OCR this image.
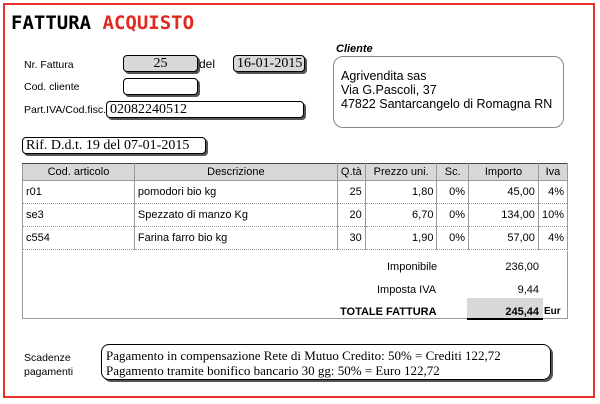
FATTURA ACQUISTO
Nr. Fattura	25	del 16-01-2015
Cod. cliente
Part.IVA/Cod.fisc. 02082240512
Rif. D.d.t. 19 del 07-01-2015
Cliente
Agrivendita sas
Via G.Pascoli, 37
47822 Santarcangelo di Romagna RN
Cod. articolo	Descrizione	Q.tà	Prezzo uni.	Sc.	Importo	Iva
r01	pomodori bio kg	25	1,80	0%	45,00	4%
se3	Spezzato di manzo Kg	20	6,70	0%	134,00	10%
c554	Farina farro bio kg	30	1,90	0%	57,00	4%
Imponibile	236,00
Imposta IVA	9,44
TOTALE FATTURA	245,44 Eur
Scadenze
pagamenti
Pagamento in compensazione Rete di Mutuo Credito: 50% = Crediti 122,72
Pagamento tramite bonifico bancario 30 gg: 50% = Euro 122,72
